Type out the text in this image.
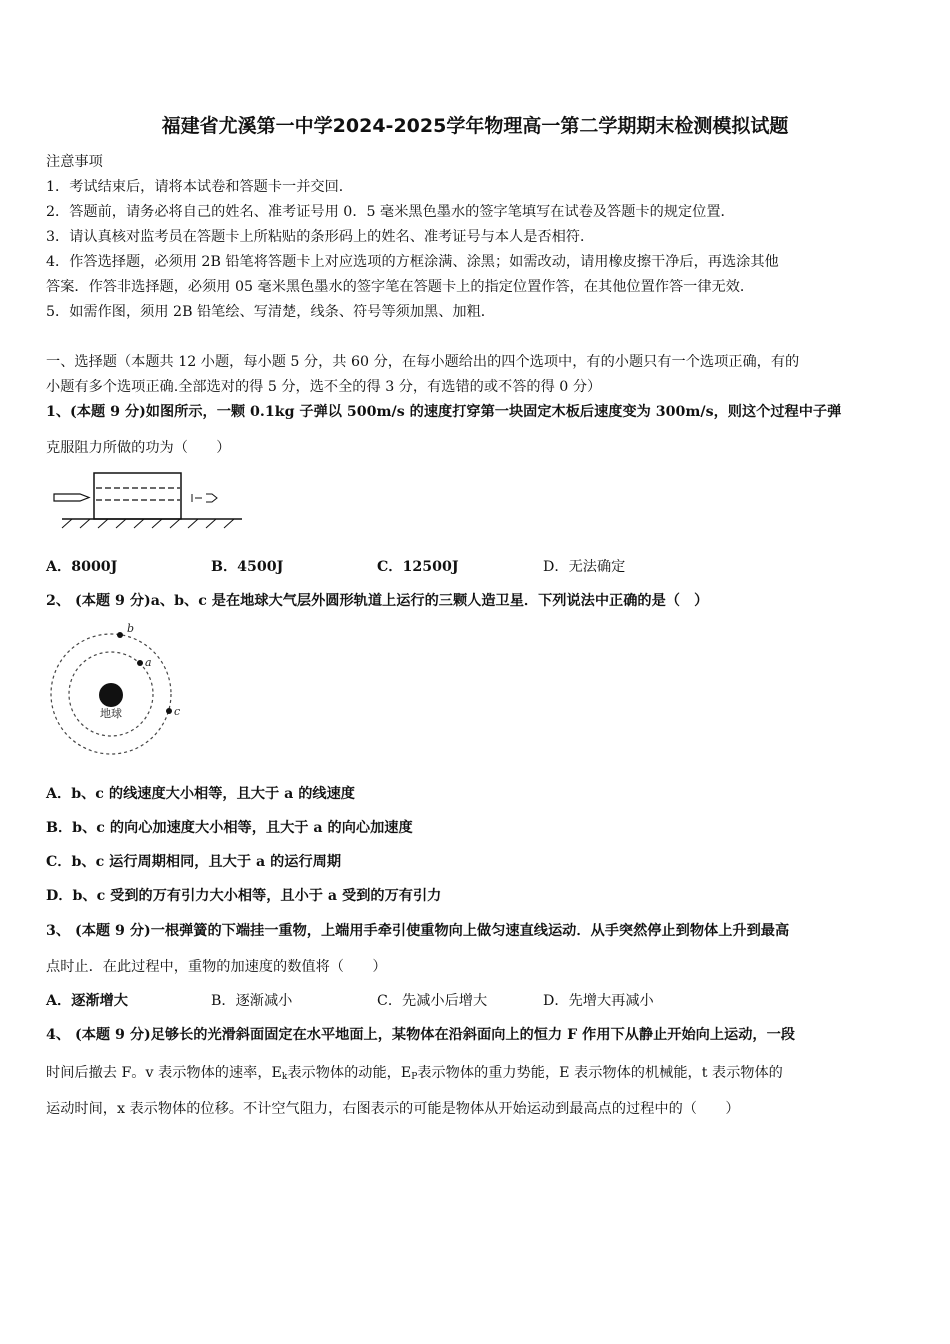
福建省尤溪第一中学2024-2025学年物理高一第二学期期末检测模拟试题
注意事项
1．考试结束后，请将本试卷和答题卡一并交回．
2．答题前，请务必将自己的姓名、准考证号用 0．5 毫米黑色墨水的签字笔填写在试卷及答题卡的规定位置．
3．请认真核对监考员在答题卡上所粘贴的条形码上的姓名、准考证号与本人是否相符．
4．作答选择题，必须用 2B 铅笔将答题卡上对应选项的方框涂满、涂黑；如需改动，请用橡皮擦干净后，再选涂其他
答案．作答非选择题，必须用 05 毫米黑色墨水的签字笔在答题卡上的指定位置作答，在其他位置作答一律无效．
5．如需作图，须用 2B 铅笔绘、写清楚，线条、符号等须加黑、加粗．
一、选择题（本题共 12 小题，每小题 5 分，共 60 分，在每小题给出的四个选项中，有的小题只有一个选项正确，有的
小题有多个选项正确.全部选对的得 5 分，选不全的得 3 分，有选错的或不答的得 0 分）
1、(本题 9 分)如图所示，一颗 0.1kg 子弹以 500m/s 的速度打穿第一块固定木板后速度变为 300m/s，则这个过程中子弹
克服阻力所做的功为（　　）
A．8000J	B．4500J	C．12500J	D．无法确定
2、 (本题 9 分)a、b、c 是在地球大气层外圆形轨道上运行的三颗人造卫星．下列说法中正确的是（　）
地球
b
a
c
A．b、c 的线速度大小相等，且大于 a 的线速度
B．b、c 的向心加速度大小相等，且大于 a 的向心加速度
C．b、c 运行周期相同，且大于 a 的运行周期
D．b、c 受到的万有引力大小相等，且小于 a 受到的万有引力
3、 (本题 9 分)一根弹簧的下端挂一重物，上端用手牵引使重物向上做匀速直线运动．从手突然停止到物体上升到最高
点时止．在此过程中，重物的加速度的数值将（　　）
A．逐渐增大	B．逐渐减小	C．先减小后增大	D．先增大再减小
4、 (本题 9 分)足够长的光滑斜面固定在水平地面上，某物体在沿斜面向上的恒力 F 作用下从静止开始向上运动，一段
时间后撤去 F。v 表示物体的速率，$E_k$表示物体的动能，$E_P$表示物体的重力势能，E 表示物体的机械能，t 表示物体的
运动时间，x 表示物体的位移。不计空气阻力，右图表示的可能是物体从开始运动到最高点的过程中的（　　）
